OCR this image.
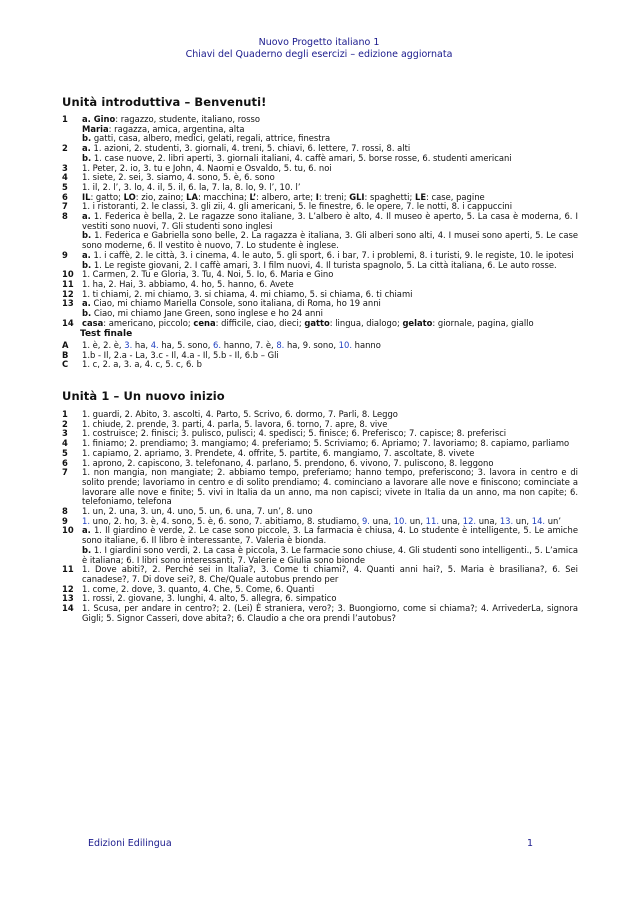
Nuovo Progetto italiano 1
Chiavi del Quaderno degli esercizi – edizione aggiornata
Unità introduttiva – Benvenuti!
1	a. Gino: ragazzo, studente, italiano, rosso
Maria: ragazza, amica, argentina, alta
b. gatti, casa, albero, medici, gelati, regali, attrice, finestra
2	a. 1. azioni, 2. studenti, 3. giornali, 4. treni, 5. chiavi, 6. lettere, 7. rossi, 8. alti
b. 1. case nuove, 2. libri aperti, 3. giornali italiani, 4. caffè amari, 5. borse rosse, 6. studenti americani
3	1. Peter, 2. io, 3. tu e John, 4. Naomi e Osvaldo, 5. tu, 6. noi
4	1. siete, 2. sei, 3. siamo, 4. sono, 5. è, 6. sono
5	1. il, 2. l’, 3. lo, 4. il, 5. il, 6. la, 7. la, 8. lo, 9. l’, 10. l’
6	IL: gatto; LO: zio, zaino; LA: macchina; L’: albero, arte; I: treni; GLI: spaghetti; LE: case, pagine
7	1. i ristoranti, 2. le classi, 3. gli zii, 4. gli americani, 5. le finestre, 6. le opere, 7. le notti, 8. i cappuccini
8	a. 1. Federica è bella, 2. Le ragazze sono italiane, 3. L’albero è alto, 4. Il museo è aperto, 5. La casa è moderna, 6. I vestiti sono nuovi, 7. Gli studenti sono inglesi
b. 1. Federica e Gabriella sono belle, 2. La ragazza è italiana, 3. Gli alberi sono alti, 4. I musei sono aperti, 5. Le case sono moderne, 6. Il vestito è nuovo, 7. Lo studente è inglese.
9	a. 1. i caffè, 2. le città, 3. i cinema, 4. le auto, 5. gli sport, 6. i bar, 7. i problemi, 8. i turisti, 9. le registe, 10. le ipotesi
b. 1. Le registe giovani, 2. I caffè amari, 3. I film nuovi, 4. Il turista spagnolo, 5. La città italiana, 6. Le auto rosse.
10 1. Carmen, 2. Tu e Gloria, 3. Tu, 4. Noi, 5. Io, 6. Maria e Gino
11 1. ha, 2. Hai, 3. abbiamo, 4. ho, 5. hanno, 6. Avete
12 1. ti chiami, 2. mi chiamo, 3. si chiama, 4. mi chiamo, 5. si chiama, 6. ti chiami
13 a. Ciao, mi chiamo Mariella Console, sono italiana, di Roma, ho 19 anni
b. Ciao, mi chiamo Jane Green, sono inglese e ho 24 anni
14 casa: americano, piccolo; cena: difficile, ciao, dieci; gatto: lingua, dialogo; gelato: giornale, pagina, giallo
Test finale
A	1. è, 2. è, 3. ha, 4. ha, 5. sono, 6. hanno, 7. è, 8. ha, 9. sono, 10. hanno
B	1.b - Il, 2.a - La, 3.c - Il, 4.a - Il, 5.b - Il, 6.b – Gli
C	1. c, 2. a, 3. a, 4. c, 5. c, 6. b
Unità 1 – Un nuovo inizio
1	1. guardi, 2. Abito, 3. ascolti, 4. Parto, 5. Scrivo, 6. dormo, 7. Parli, 8. Leggo
2	1. chiude, 2. prende, 3. parti, 4. parla, 5. lavora, 6. torno, 7. apre, 8. vive
3	1. costruisce; 2. finisci; 3. pulisco, pulisci; 4. spedisci; 5. finisce; 6. Preferisco; 7. capisce; 8. preferisci
4	1. finiamo; 2. prendiamo; 3. mangiamo; 4. preferiamo; 5. Scriviamo; 6. Apriamo; 7. lavoriamo; 8. capiamo, parliamo
5	1. capiamo, 2. apriamo, 3. Prendete, 4. offrite, 5. partite, 6. mangiamo, 7. ascoltate, 8. vivete
6	1. aprono, 2. capiscono, 3. telefonano, 4. parlano, 5. prendono, 6. vivono, 7. puliscono, 8. leggono
7	1. non mangia, non mangiate; 2. abbiamo tempo, preferiamo; hanno tempo, preferiscono; 3. lavora in centro e di solito prende; lavoriamo in centro e di solito prendiamo; 4. cominciano a lavorare alle nove e finiscono; cominciate a lavorare alle nove e finite; 5. vivi in Italia da un anno, ma non capisci; vivete in Italia da un anno, ma non capite; 6. telefoniamo, telefona
8	1. un, 2. una, 3. un, 4. uno, 5. un, 6. una, 7. un’, 8. uno
9	1. uno, 2. ho, 3. è, 4. sono, 5. è, 6. sono, 7. abitiamo, 8. studiamo, 9. una, 10. un, 11. una, 12. una, 13. un, 14. un’
10 a. 1. Il giardino è verde, 2. Le case sono piccole, 3. La farmacia è chiusa, 4. Lo studente è intelligente, 5. Le amiche sono italiane, 6. Il libro è interessante, 7. Valeria è bionda.
b. 1. I giardini sono verdi, 2. La casa è piccola, 3. Le farmacie sono chiuse, 4. Gli studenti sono intelligenti., 5. L’amica è italiana; 6. I libri sono interessanti, 7. Valerie e Giulia sono bionde
11 1. Dove abiti?, 2. Perché sei in Italia?, 3. Come ti chiami?, 4. Quanti anni hai?, 5. Maria è brasiliana?, 6. Sei canadese?, 7. Di dove sei?, 8. Che/Quale autobus prendo per
12 1. come, 2. dove, 3. quanto, 4. Che, 5. Come, 6. Quanti
13 1. rossi, 2. giovane, 3. lunghi, 4. alto, 5. allegra, 6. simpatico
14 1. Scusa, per andare in centro?; 2. (Lei) È straniera, vero?; 3. Buongiorno, come si chiama?; 4. ArrivederLa, signora Gigli; 5. Signor Casseri, dove abita?; 6. Claudio a che ora prendi l’autobus?
Edizioni Edilingua	1
